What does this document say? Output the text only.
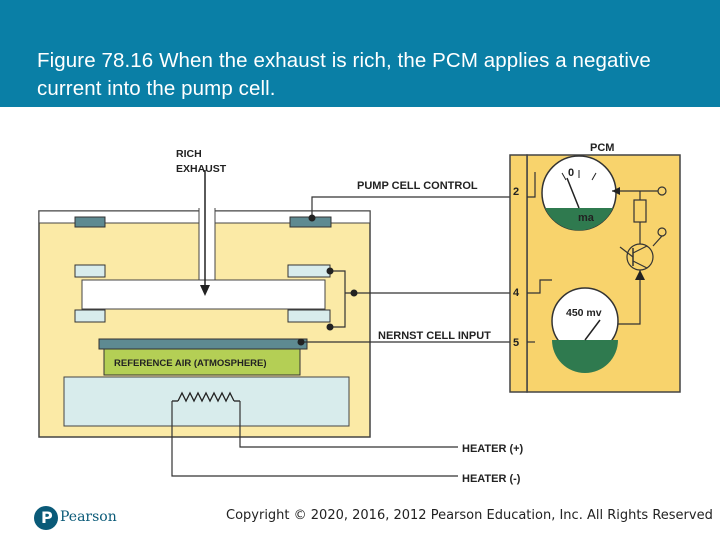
Figure 78.16 When the exhaust is rich, the PCM applies a negative current into the pump cell.
RICH
EXHAUST
PUMP CELL CONTROL
NERNST CELL INPUT
REFERENCE AIR (ATMOSPHERE)
HEATER (+)
HEATER (-)
PCM
2
4
5
0
ma
450 mv
P Pearson	Copyright © 2020, 2016, 2012 Pearson Education, Inc. All Rights Reserved
